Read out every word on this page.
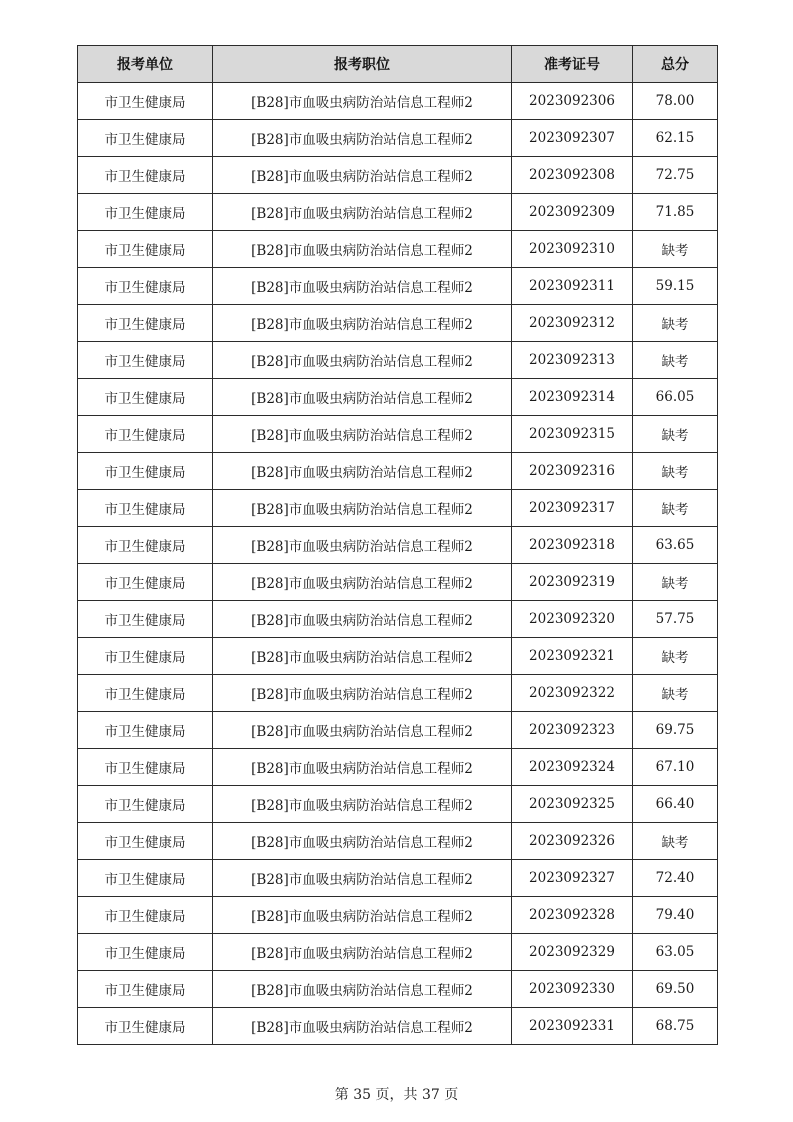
报考单位	报考职位	准考证号	总分
市卫生健康局	[B28]市血吸虫病防治站信息工程师2	2023092306	78.00
市卫生健康局	[B28]市血吸虫病防治站信息工程师2	2023092307	62.15
市卫生健康局	[B28]市血吸虫病防治站信息工程师2	2023092308	72.75
市卫生健康局	[B28]市血吸虫病防治站信息工程师2	2023092309	71.85
市卫生健康局	[B28]市血吸虫病防治站信息工程师2	2023092310	缺考
市卫生健康局	[B28]市血吸虫病防治站信息工程师2	2023092311	59.15
市卫生健康局	[B28]市血吸虫病防治站信息工程师2	2023092312	缺考
市卫生健康局	[B28]市血吸虫病防治站信息工程师2	2023092313	缺考
市卫生健康局	[B28]市血吸虫病防治站信息工程师2	2023092314	66.05
市卫生健康局	[B28]市血吸虫病防治站信息工程师2	2023092315	缺考
市卫生健康局	[B28]市血吸虫病防治站信息工程师2	2023092316	缺考
市卫生健康局	[B28]市血吸虫病防治站信息工程师2	2023092317	缺考
市卫生健康局	[B28]市血吸虫病防治站信息工程师2	2023092318	63.65
市卫生健康局	[B28]市血吸虫病防治站信息工程师2	2023092319	缺考
市卫生健康局	[B28]市血吸虫病防治站信息工程师2	2023092320	57.75
市卫生健康局	[B28]市血吸虫病防治站信息工程师2	2023092321	缺考
市卫生健康局	[B28]市血吸虫病防治站信息工程师2	2023092322	缺考
市卫生健康局	[B28]市血吸虫病防治站信息工程师2	2023092323	69.75
市卫生健康局	[B28]市血吸虫病防治站信息工程师2	2023092324	67.10
市卫生健康局	[B28]市血吸虫病防治站信息工程师2	2023092325	66.40
市卫生健康局	[B28]市血吸虫病防治站信息工程师2	2023092326	缺考
市卫生健康局	[B28]市血吸虫病防治站信息工程师2	2023092327	72.40
市卫生健康局	[B28]市血吸虫病防治站信息工程师2	2023092328	79.40
市卫生健康局	[B28]市血吸虫病防治站信息工程师2	2023092329	63.05
市卫生健康局	[B28]市血吸虫病防治站信息工程师2	2023092330	69.50
市卫生健康局	[B28]市血吸虫病防治站信息工程师2	2023092331	68.75
第 35 页，共 37 页
